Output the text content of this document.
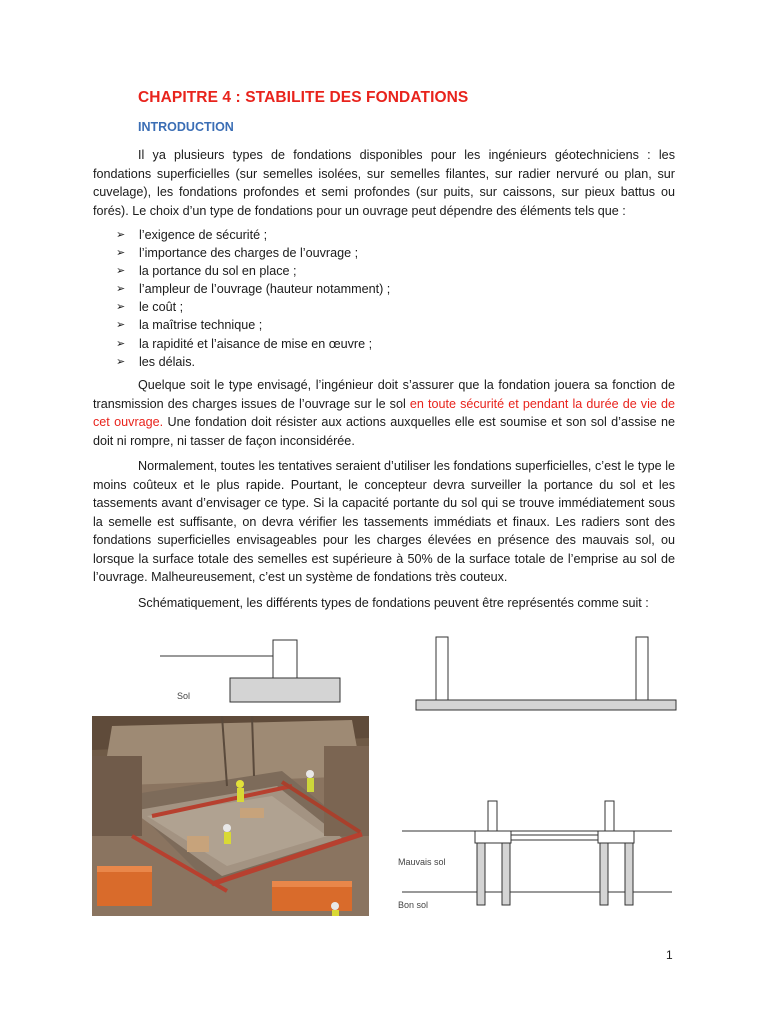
CHAPITRE 4 : STABILITE DES FONDATIONS
INTRODUCTION

Il ya plusieurs types de fondations disponibles pour les ingénieurs géotechniciens : les fondations superficielles (sur semelles isolées, sur semelles filantes, sur radier nervuré ou plan, sur cuvelage), les fondations profondes et semi profondes (sur puits, sur caissons, sur pieux battus ou forés). Le choix d’un type de fondations pour un ouvrage peut dépendre des éléments tels que :

➢ l’exigence de sécurité ;
➢ l’importance des charges de l’ouvrage ;
➢ la portance du sol en place ;
➢ l’ampleur de l’ouvrage (hauteur notamment) ;
➢ le coût ;
➢ la maîtrise technique ;
➢ la rapidité et l’aisance de mise en œuvre ;
➢ les délais.

Quelque soit le type envisagé, l’ingénieur doit s’assurer que la fondation jouera sa fonction de transmission des charges issues de l’ouvrage sur le sol en toute sécurité et pendant la durée de vie de cet ouvrage. Une fondation doit résister aux actions auxquelles elle est soumise et son sol d’assise ne doit ni rompre, ni tasser de façon inconsidérée.

Normalement, toutes les tentatives seraient d’utiliser les fondations superficielles, c’est le type le moins coûteux et le plus rapide. Pourtant, le concepteur devra surveiller la portance du sol et les tassements avant d’envisager ce type. Si la capacité portante du sol qui se trouve immédiatement sous la semelle est suffisante, on devra vérifier les tassements immédiats et finaux. Les radiers sont des fondations superficielles envisageables pour les charges élevées en présence des mauvais sol, ou lorsque la surface totale des semelles est supérieure à 50% de la surface totale de l’emprise au sol de l’ouvrage. Malheureusement, c’est un système de fondations très couteux.

Schématiquement, les différents types de fondations peuvent être représentés comme suit :

Sol
Mauvais sol
Bon sol
1
